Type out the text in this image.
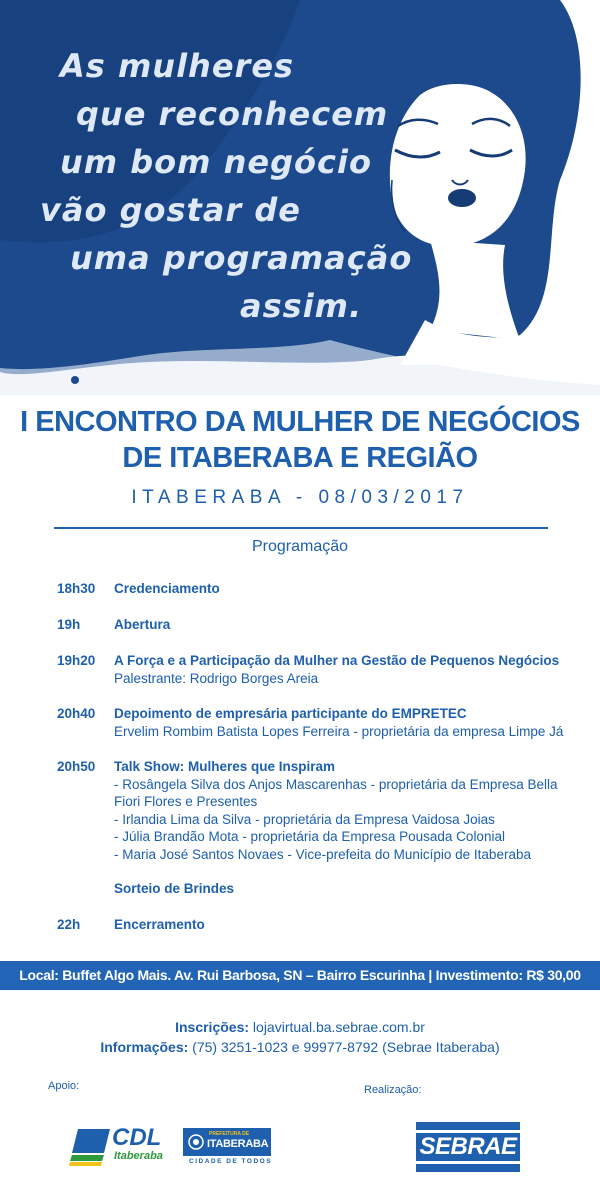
As mulheres
que reconhecem
um bom negócio
vão gostar de
uma programação
assim.
I ENCONTRO DA MULHER DE NEGÓCIOS
DE ITABERABA E REGIÃO
ITABERABA - 08/03/2017
Programação
18h30 Credenciamento
19h Abertura
19h20 A Força e a Participação da Mulher na Gestão de Pequenos Negócios
Palestrante: Rodrigo Borges Areia
20h40 Depoimento de empresária participante do EMPRETEC
Ervelim Rombim Batista Lopes Ferreira - proprietária da empresa Limpe Já
20h50 Talk Show: Mulheres que Inspiram
- Rosângela Silva dos Anjos Mascarenhas - proprietária da Empresa Bella
Fiori Flores e Presentes
- Irlandia Lima da Silva - proprietária da Empresa Vaidosa Joias
- Júlia Brandão Mota - proprietária da Empresa Pousada Colonial
- Maria José Santos Novaes - Vice-prefeita do Município de Itaberaba
Sorteio de Brindes
22h Encerramento
Local: Buffet Algo Mais. Av. Rui Barbosa, SN – Bairro Escurinha | Investimento: R$ 30,00
Inscrições: lojavirtual.ba.sebrae.com.br
Informações: (75) 3251-1023 e 99977-8792 (Sebrae Itaberaba)
Apoio:	Realização:
CDL
Itaberaba
PREFEITURA DE
ITABERABA
CIDADE DE TODOS
SEBRAE
